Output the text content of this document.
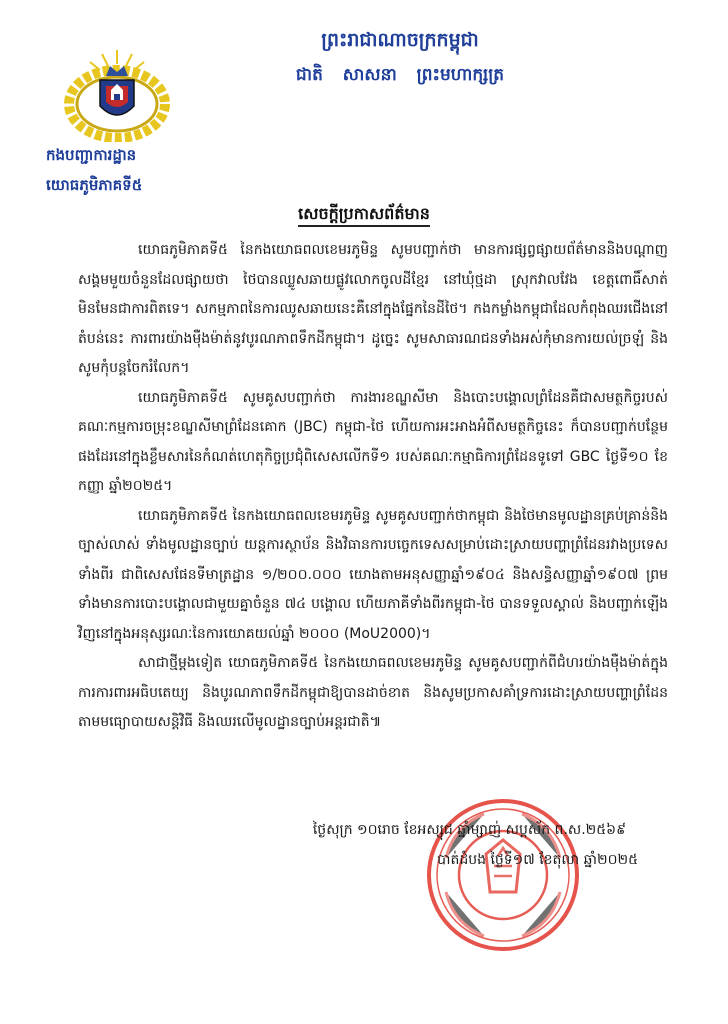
កងបញ្ជាការដ្ឋាន
យោធភូមិភាគទី៥
ព្រះរាជាណាចក្រកម្ពុជា
ជាតិ សាសនា ព្រះមហាក្សត្រ
សេចក្តីប្រកាសព័ត៌មាន

យោធភូមិភាគទី៥ នៃកងយោធពលខេមរភូមិន្ទ សូមបញ្ជាក់ថា មានការផ្សព្វផ្សាយព័ត៌មាននិងបណ្តាញសង្គមមួយចំនួនដែលផ្សាយថា ថៃបានឈ្លូសឆាយផ្លូវលោកចូលដីខ្មែរ នៅឃុំថ្មដា ស្រុកវាលវែង ខេត្តពោធិ៍សាត់ មិនមែនជាការពិតទេ។ សកម្មភាពនៃការឈូសឆាយនេះគឺនៅក្នុងផ្នែកនៃដីថៃ។ កងកម្លាំងកម្ពុជាដែលកំពុងឈរជើងនៅតំបន់នេះ ការពារយ៉ាងម៉ឺងម៉ាត់នូវបូរណភាពទឹកដីកម្ពុជា។ ដូច្នេះ សូមសាធារណជនទាំងអស់កុំមានការយល់ច្រឡំ និងសូមកុំបន្តចែករំលែក។

យោធភូមិភាគទី៥ សូមគូសបញ្ជាក់ថា ការងារខណ្ឌសីមា និងបោះបង្គោលព្រំដែនគឺជាសមត្ថកិច្ចរបស់គណៈកម្មការចម្រុះខណ្ឌសីមាព្រំដែនគោក (JBC) កម្ពុជា-ថៃ ហើយការអះអាងអំពីសមត្ថកិច្ចនេះ ក៏បានបញ្ជាក់បន្ថែមផងដែរនៅក្នុងខ្លឹមសារនៃកំណត់ហេតុកិច្ចប្រជុំពិសេសលើកទី១ របស់គណៈកម្មាធិការព្រំដែនទូទៅ GBC ថ្ងៃទី១០ ខែកញ្ញា ឆ្នាំ២០២៥។

យោធភូមិភាគទី៥ នៃកងយោធពលខេមរភូមិន្ទ សូមគូសបញ្ជាក់ថាកម្ពុជា និងថៃមានមូលដ្ឋានគ្រប់គ្រាន់និងច្បាស់លាស់ ទាំងមូលដ្ឋានច្បាប់ យន្តការស្ថាប័ន និងវិធានការបច្ចេកទេសសម្រាប់ដោះស្រាយបញ្ហាព្រំដែនរវាងប្រទេសទាំងពីរ ជាពិសេសផែនទីមាត្រដ្ឋាន ១/២០០.០០០ យោងតាមអនុសញ្ញាឆ្នាំ១៩០៤ និងសន្ធិសញ្ញាឆ្នាំ១៩០៧ ព្រមទាំងមានការបោះបង្គោលជាមួយគ្នាចំនួន ៧៤ បង្គោល ហើយភាគីទាំងពីរកម្ពុជា-ថៃ បានទទួលស្គាល់ និងបញ្ជាក់ឡើងវិញនៅក្នុងអនុស្សរណៈនៃការយោគយល់ឆ្នាំ ២០០០ (MoU2000)។

សាជាថ្មីម្តងទៀត យោធភូមិភាគទី៥ នៃកងយោធពលខេមរភូមិន្ទ សូមគូសបញ្ជាក់ពីជំហរយ៉ាងម៉ឺងម៉ាត់ក្នុងការការពារអធិបតេយ្យ និងបូរណភាពទឹកដីកម្ពុជាឱ្យបានដាច់ខាត និងសូមប្រកាសគាំទ្រការដោះស្រាយបញ្ហាព្រំដែនតាមមធ្យោបាយសន្តិវិធី និងឈរលើមូលដ្ឋានច្បាប់អន្តរជាតិ៕

ថ្ងៃសុក្រ ១០រោច ខែអស្សុជ ឆ្នាំម្សាញ់ សប្តស័ក ព.ស.២៥៦៩
បាត់ដំបង ថ្ងៃទី១៧ ខែតុលា ឆ្នាំ២០២៥
